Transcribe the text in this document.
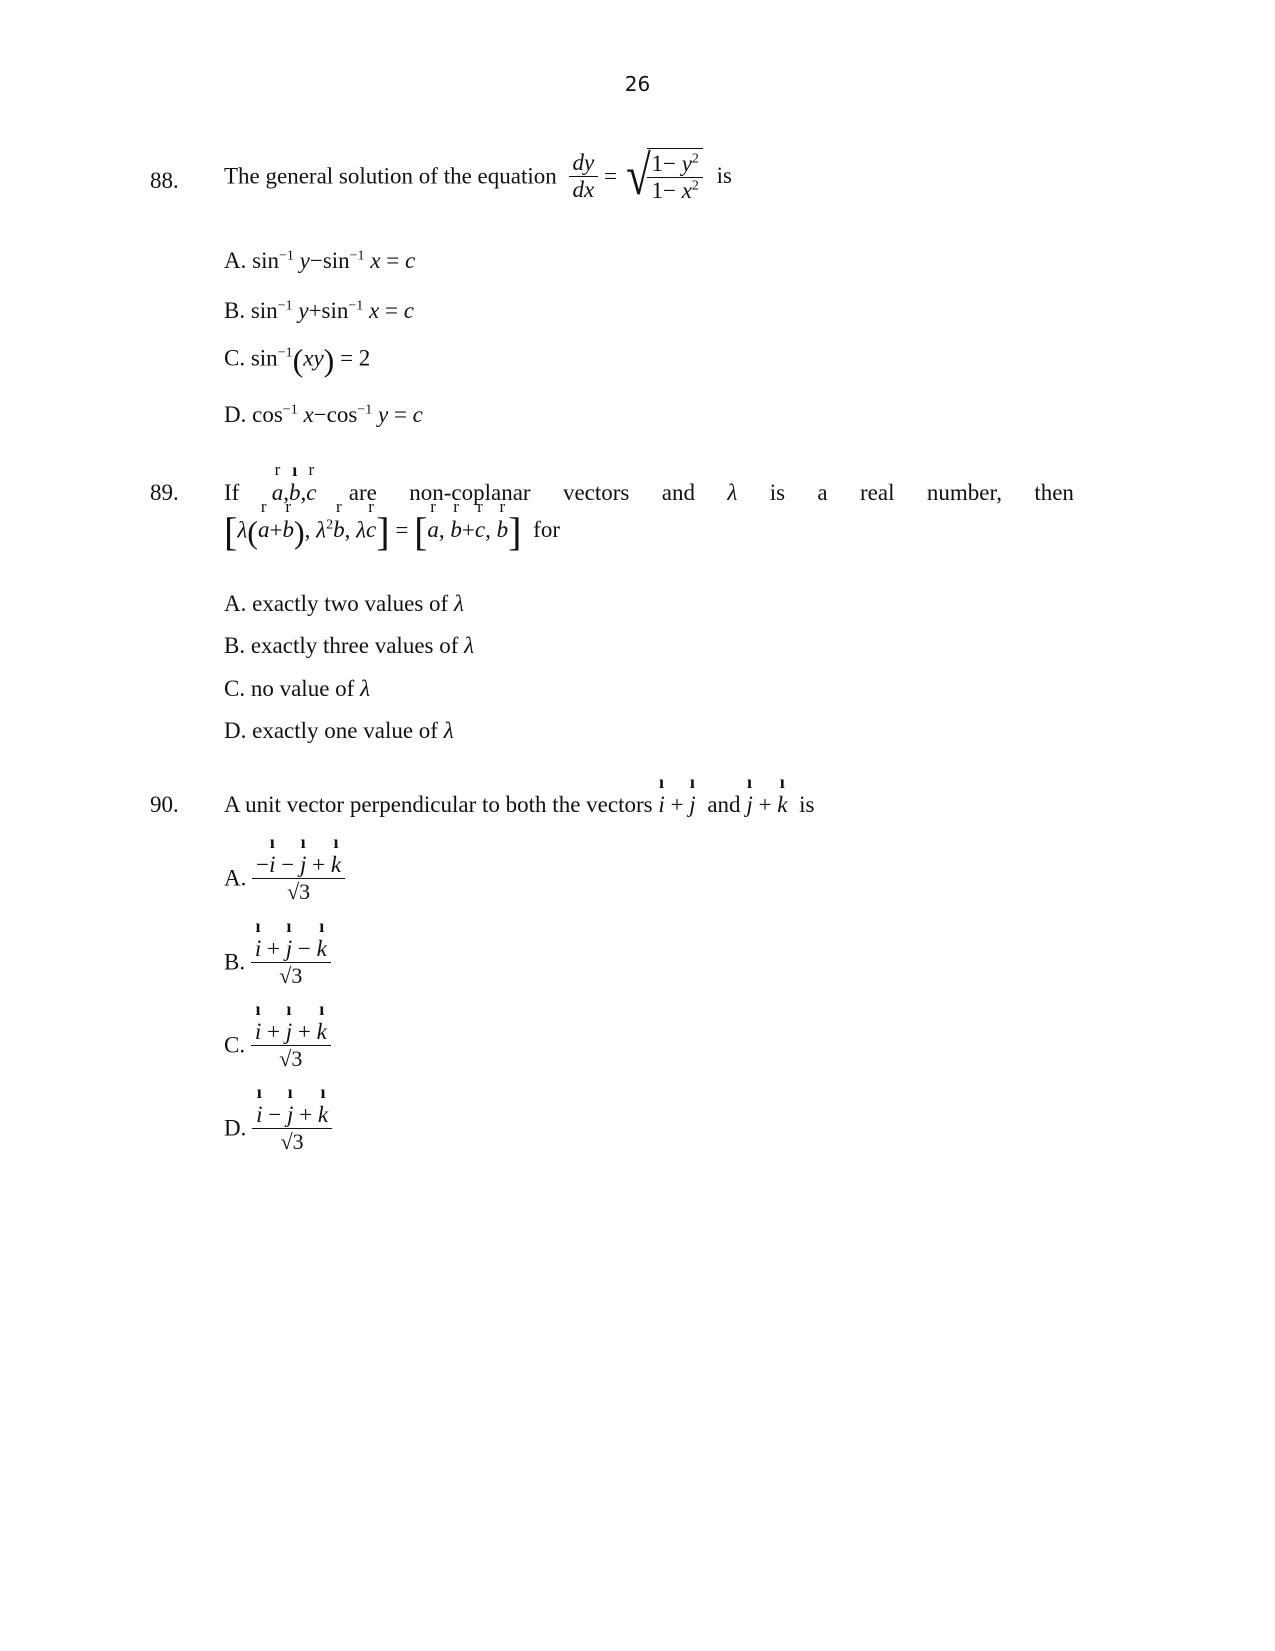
26
88. The general solution of the equation $\frac{dy}{dx}$ = √
$\frac{1- y^2}{1- x^2}$ is
A. $\sin^{-1} y-\sin^{-1}$ x = c
B. $\sin^{-1} y+\sin^{-1}$ x = c
C. $\sin^{-1}(xy) = 2$
D. $\cos^{-1} x-\cos^{-1}$ y = c
89. If r a,ı b,r c are non-coplanar vectors and λ is a real number, then
[λ(r a+r b), $\lambda^2r$ b, λr c] = [r a, r b+r c, r b] for
A. exactly two values of λ
B. exactly three values of λ
C. no value of λ
D. exactly one value of λ
90. A unit vector perpendicular to both the vectors ı i + ı j and ı j + ı k is
A. $\frac{\text{−ı i − ı j + ı k}}{√3}$
B. ı $\frac{\text{i + ı j − ı k}}{√3}$
C. ı $\frac{\text{i + ı j + ı k}}{√3}$
D. ı $\frac{\text{i − ı j + ı k}}{√3}$
